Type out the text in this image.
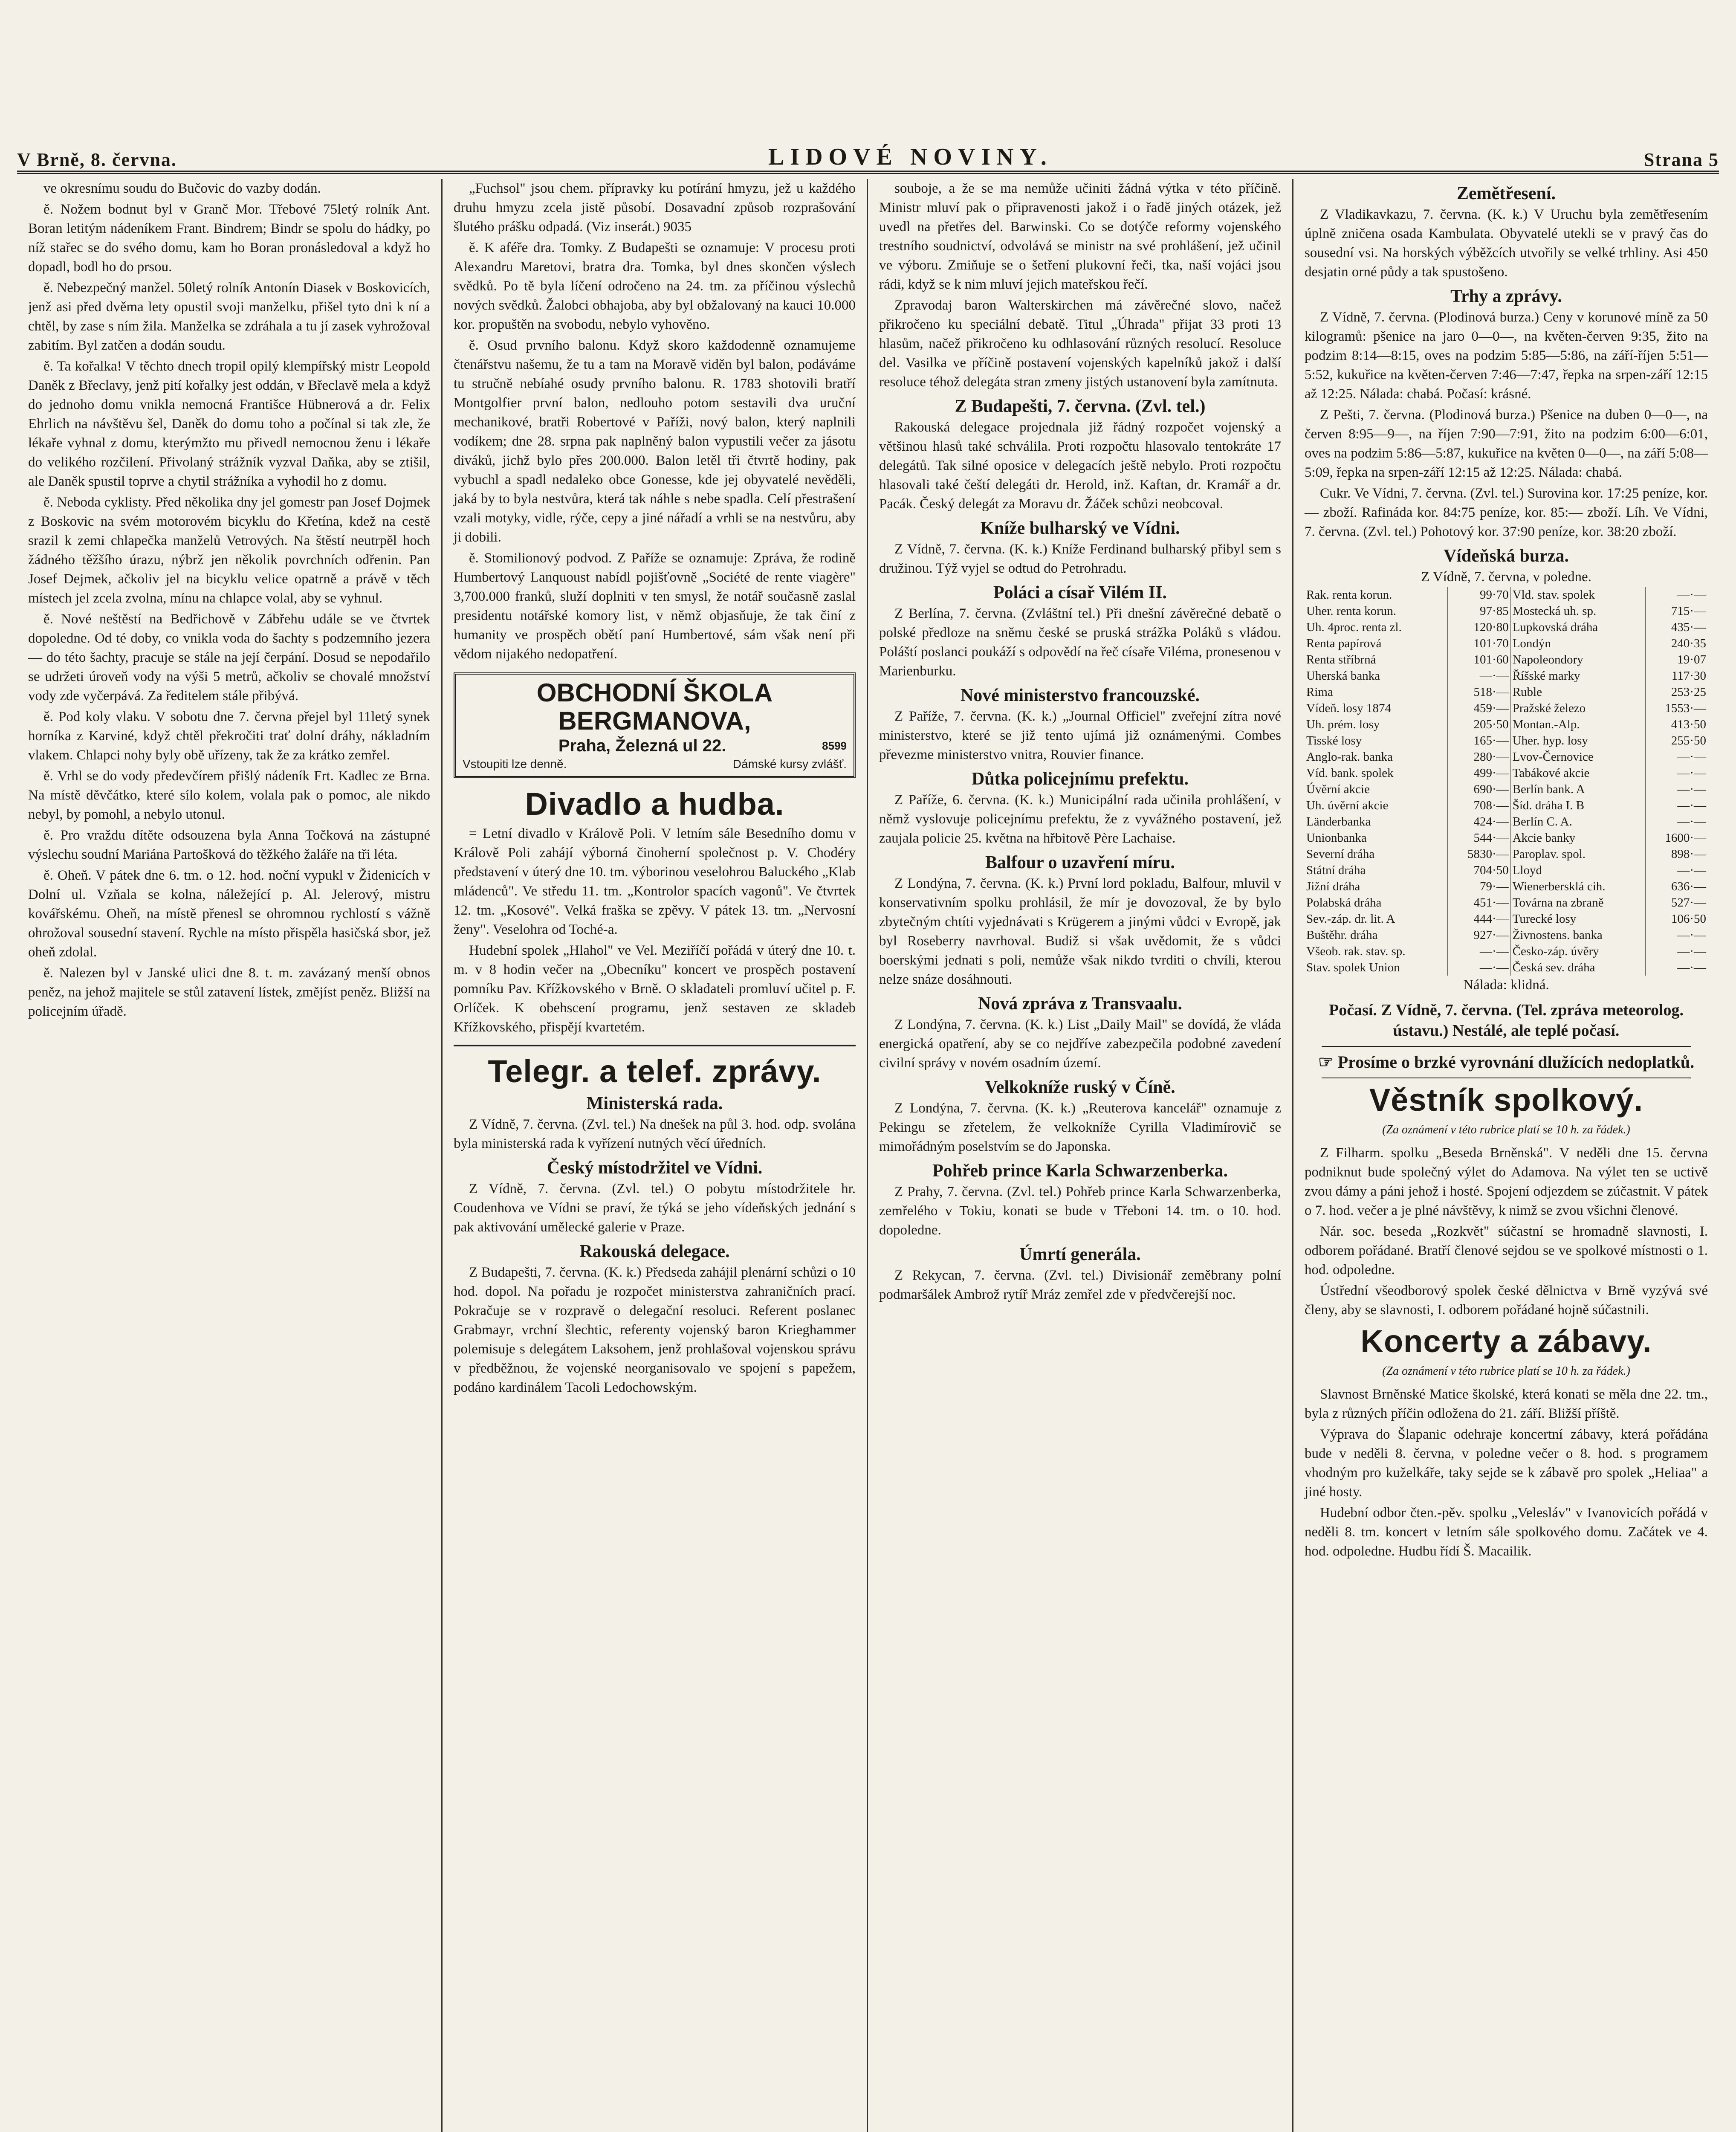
V Brně, 8. června.	LIDOVÉ NOVINY.	Strana 5

ve okresnímu soudu do Bučovic do vazby dodán.

ě. Nožem bodnut byl v Granč Mor. Třebové 75letý rolník Ant. Boran letitým nádeníkem Frant. Bindrem; Bindr se spolu do hádky, po níž stařec se do svého domu, kam ho Boran pronásledoval a když ho dopadl, bodl ho do prsou.

ě. Nebezpečný manžel. 50letý rolník Antonín Diasek v Boskovicích, jenž asi před dvěma lety opustil svoji manželku, přišel tyto dni k ní a chtěl, by zase s ním žila. Manželka se zdráhala a tu jí zasek vyhrožoval zabitím. Byl zatčen a dodán soudu.

ě. Ta kořalka! V těchto dnech tropil opilý klempířský mistr Leopold Daněk z Břeclavy, jenž pití kořalky jest oddán, v Břeclavě mela a když do jednoho domu vnikla nemocná Františce Hübnerová a dr. Felix Ehrlich na návštěvu šel, Daněk do domu toho a počínal si tak zle, že lékaře vyhnal z domu, kterýmžto mu přivedl nemocnou ženu i lékaře do velikého rozčilení. Přivolaný strážník vyzval Daňka, aby se ztišil, ale Daněk spustil toprve a chytil strážníka a vyhodil ho z domu.

ě. Neboda cyklisty. Před několika dny jel gomestr pan Josef Dojmek z Boskovic na svém motorovém bicyklu do Křetína, kdež na cestě srazil k zemi chlapečka manželů Vetrových. Na štěstí neutrpěl hoch žádného těžšího úrazu, nýbrž jen několik povrchních odřenin. Pan Josef Dejmek, ačkoliv jel na bicyklu velice opatrně a právě v těch místech jel zcela zvolna, mínu na chlapce volal, aby se vyhnul.

ě. Nové neštěstí na Bedřichově v Zábřehu udále se ve čtvrtek dopoledne. Od té doby, co vnikla voda do šachty s podzemního jezera — do této šachty, pracuje se stále na její čerpání. Dosud se nepodařilo se udržeti úroveň vody na výši 5 metrů, ačkoliv se chovalé množství vody zde vyčerpává. Za ředitelem stále přibývá.

ě. Pod koly vlaku. V sobotu dne 7. června přejel byl 11letý synek horníka z Karviné, když chtěl překročiti trať dolní dráhy, nákladním vlakem. Chlapci nohy byly obě uřízeny, tak že za krátko zemřel.

ě. Vrhl se do vody předevčírem přišlý nádeník Frt. Kadlec ze Brna. Na místě děvčátko, které sílo kolem, volala pak o pomoc, ale nikdo nebyl, by pomohl, a nebylo utonul.

ě. Pro vraždu dítěte odsouzena byla Anna Točková na zástupné výslechu soudní Mariána Partošková do těžkého žaláře na tři léta.

ě. Oheň. V pátek dne 6. tm. o 12. hod. noční vypukl v Židenicích v Dolní ul. Vzňala se kolna, náležející p. Al. Jelerový, mistru kovářskému. Oheň, na místě přenesl se ohromnou rychlostí s vážně ohrožoval sousední stavení. Rychle na místo přispěla hasičská sbor, jež oheň zdolal.

ě. Nalezen byl v Janské ulici dne 8. t. m. zavázaný menší obnos peněz, na jehož majitele se stůl zatavení lístek, změjíst peněz. Bližší na policejním úřadě.

„Fuchsol" jsou chem. přípravky ku potírání hmyzu, jež u každého druhu hmyzu zcela jistě působí. Dosavadní způsob rozprašování šlutého prášku odpadá. (Viz inserát.) 9035

ě. K aféře dra. Tomky. Z Budapešti se oznamuje: V procesu proti Alexandru Maretovi, bratra dra. Tomka, byl dnes skončen výslech svědků. Po tě byla líčení odročeno na 24. tm. za příčinou výslechů nových svědků. Žalobci obhajoba, aby byl obžalovaný na kauci 10.000 kor. propuštěn na svobodu, nebylo vyhověno.

ě. Osud prvního balonu. Když skoro každodenně oznamujeme čtenářstvu našemu, že tu a tam na Moravě viděn byl balon, podáváme tu stručně nebíahé osudy prvního balonu. R. 1783 shotovili bratří Montgolfier první balon, nedlouho potom sestavili dva uruční mechanikové, bratři Robertové v Paříži, nový balon, který naplnili vodíkem; dne 28. srpna pak naplněný balon vypustili večer za jásotu diváků, jichž bylo přes 200.000. Balon letěl tři čtvrtě hodiny, pak vybuchl a spadl nedaleko obce Gonesse, kde jej obyvatelé nevěděli, jaká by to byla nestvůra, která tak náhle s nebe spadla. Celí přestrašení vzali motyky, vidle, rýče, cepy a jiné nářadí a vrhli se na nestvůru, aby ji dobili.

ě. Stomilionový podvod. Z Paříže se oznamuje: Zpráva, že rodině Humbertový Lanquoust nabídl pojišťovně „Société de rente viagère" 3,700.000 franků, služí doplniti v ten smysl, že notář současně zaslal presidentu notářské komory list, v němž objasňuje, že tak činí z humanity ve prospěch obětí paní Humbertové, sám však není při vědom nijakého nedopatření.

OBCHODNÍ ŠKOLA BERGMANOVA,
Praha, Železná ul 22.	8599
Vstoupiti lze denně.	Dámské kursy zvlášť.
Divadlo a hudba.

= Letní divadlo v Králově Poli. V letním sále Besedního domu v Králově Poli zahájí výborná činoherní společnost p. V. Chodéry představení v úterý dne 10. tm. výborinou veselohrou Baluckého „Klab mládenců". Ve středu 11. tm. „Kontrolor spacích vagonů". Ve čtvrtek 12. tm. „Kosové". Velká fraška se zpěvy. V pátek 13. tm. „Nervosní ženy". Veselohra od Toché-a.

Hudební spolek „Hlahol" ve Vel. Meziříčí pořádá v úterý dne 10. t. m. v 8 hodin večer na „Obecníku" koncert ve prospěch postavení pomníku Pav. Křížkovského v Brně. O skladateli promluví učitel p. F. Orlíček. K obehscení programu, jenž sestaven ze skladeb Křížkovského, přispějí kvartetém.

Telegr. a telef. zprávy.
Ministerská rada.

Z Vídně, 7. června. (Zvl. tel.) Na dnešek na půl 3. hod. odp. svolána byla ministerská rada k vyřízení nutných věcí úředních.

Český místodržitel ve Vídni.

Z Vídně, 7. června. (Zvl. tel.) O pobytu místodržitele hr. Coudenhova ve Vídni se praví, že týká se jeho vídeňských jednání s pak aktivování umělecké galerie v Praze.

Rakouská delegace.

Z Budapešti, 7. června. (K. k.) Předseda zahájil plenární schůzi o 10 hod. dopol. Na pořadu je rozpočet ministerstva zahraničních prací. Pokračuje se v rozpravě o delegační resoluci. Referent poslanec Grabmayr, vrchní šlechtic, referenty vojenský baron Krieghammer polemisuje s delegátem Laksohem, jenž prohlašoval vojenskou správu v předběžnou, že vojenské neorganisovalo ve spojení s papežem, podáno kardinálem Tacoli Ledochowským.

souboje, a že se ma nemůže učiniti žádná výtka v této příčině. Ministr mluví pak o připravenosti jakož i o řadě jiných otázek, jež uvedl na přetřes del. Barwinski. Co se dotýče reformy vojenského trestního soudnictví, odvolává se ministr na své prohlášení, jež učinil ve výboru. Zmiňuje se o šetření plukovní řeči, tka, naší vojáci jsou rádi, když se k nim mluví jejich mateřskou řečí.

Zpravodaj baron Walterskirchen má závěrečné slovo, načež přikročeno ku speciální debatě. Titul „Úhrada" přijat 33 proti 13 hlasům, načež přikročeno ku odhlasování různých resolucí. Resoluce del. Vasilka ve příčině postavení vojenských kapelníků jakož i další resoluce téhož delegáta stran zmeny jistých ustanovení byla zamítnuta.

Z Budapešti, 7. června. (Zvl. tel.)

Rakouská delegace projednala již řádný rozpočet vojenský a většinou hlasů také schválila. Proti rozpočtu hlasovalo tentokráte 17 delegátů. Tak silné oposice v delegacích ještě nebylo. Proti rozpočtu hlasovali také čeští delegáti dr. Herold, inž. Kaftan, dr. Kramář a dr. Pacák. Český delegát za Moravu dr. Žáček schůzi neobcoval.

Kníže bulharský ve Vídni.

Z Vídně, 7. června. (K. k.) Kníže Ferdinand bulharský přibyl sem s družinou. Týž vyjel se odtud do Petrohradu.

Poláci a císař Vilém II.

Z Berlína, 7. června. (Zvláštní tel.) Při dnešní závěrečné debatě o polské předloze na sněmu české se pruská strážka Poláků s vládou. Poláští poslanci poukáží s odpovědí na řeč císaře Viléma, pronesenou v Marienburku.

Nové ministerstvo francouzské.

Z Paříže, 7. června. (K. k.) „Journal Officiel" zveřejní zítra nové ministerstvo, které se již tento ujímá již oznámenými. Combes převezme ministerstvo vnitra, Rouvier finance.

Důtka policejnímu prefektu.

Z Paříže, 6. června. (K. k.) Municipální rada učinila prohlášení, v němž vyslovuje policejnímu prefektu, že z vyvážného postavení, jež zaujala policie 25. května na hřbitově Père Lachaise.

Balfour o uzavření míru.

Z Londýna, 7. června. (K. k.) První lord pokladu, Balfour, mluvil v konservativním spolku prohlásil, že mír je dovozoval, že by bylo zbytečným chtíti vyjednávati s Krügerem a jinými vůdci v Evropě, jak byl Roseberry navrhoval. Budiž si však uvědomit, že s vůdci boerskými jednati s poli, nemůže však nikdo tvrditi o chvíli, kterou nelze snáze dosáhnouti.

Nová zpráva z Transvaalu.

Z Londýna, 7. června. (K. k.) List „Daily Mail" se dovídá, že vláda energická opatření, aby se co nejdříve zabezpečila podobné zavedení civilní správy v novém osadním území.

Velkokníže ruský v Číně.

Z Londýna, 7. června. (K. k.) „Reuterova kancelář" oznamuje z Pekingu se zřetelem, že velkokníže Cyrilla Vladimírovič se mimořádným poselstvím se do Japonska.

Pohřeb prince Karla Schwarzenberka.

Z Prahy, 7. června. (Zvl. tel.) Pohřeb prince Karla Schwarzenberka, zemřelého v Tokiu, konati se bude v Třeboni 14. tm. o 10. hod. dopoledne.

Úmrtí generála.

Z Rekycan, 7. června. (Zvl. tel.) Divisionář zeměbrany polní podmaršálek Ambrož rytíř Mráz zemřel zde v předvčerejší noc.

Zemětřesení.

Z Vladikavkazu, 7. června. (K. k.) V Uruchu byla zemětřesením úplně zničena osada Kambulata. Obyvatelé utekli se v pravý čas do sousední vsi. Na horských výběžcích utvořily se velké trhliny. Asi 450 desjatin orné půdy a tak spustošeno.

Trhy a zprávy.

Z Vídně, 7. června. (Plodinová burza.) Ceny v korunové míně za 50 kilogramů: pšenice na jaro 0—0—, na květen-červen 9:35, žito na podzim 8:14—8:15, oves na podzim 5:85—5:86, na září-říjen 5:51—5:52, kukuřice na květen-červen 7:46—7:47, řepka na srpen-září 12:15 až 12:25. Nálada: chabá. Počasí: krásné.

Z Pešti, 7. června. (Plodinová burza.) Pšenice na duben 0—0—, na červen 8:95—9—, na říjen 7:90—7:91, žito na podzim 6:00—6:01, oves na podzim 5:86—5:87, kukuřice na květen 0—0—, na září 5:08—5:09, řepka na srpen-září 12:15 až 12:25. Nálada: chabá.

Cukr. Ve Vídni, 7. června. (Zvl. tel.) Surovina kor. 17:25 peníze, kor. — zboží. Rafináda kor. 84:75 peníze, kor. 85:— zboží. Líh. Ve Vídni, 7. června. (Zvl. tel.) Pohotový kor. 37:90 peníze, kor. 38:20 zboží.

Vídeňská burza.
Z Vídně, 7. června, v poledne.
Rak. renta korun.	99·70	Vld. stav. spolek	—·—
Uher. renta korun.	97·85	Mostecká uh. sp.	715·—
Uh. 4proc. renta zl.	120·80	Lupkovská dráha	435·—
Renta papírová	101·70	Londýn	240·35
Renta stříbrná	101·60	Napoleondory	19·07
Uherská banka	—·—	Říšské marky	117·30
Rima	518·—	Ruble	253·25
Vídeň. losy 1874	459·—	Pražské železo	1553·—
Uh. prém. losy	205·50	Montan.-Alp.	413·50
Tisské losy	165·—	Uher. hyp. losy	255·50
Anglo-rak. banka	280·—	Lvov-Černovice	—·—
Víd. bank. spolek	499·—	Tabákové akcie	—·—
Úvěrní akcie	690·—	Berlín bank. A	—·—
Uh. úvěrní akcie	708·—	Šíd. dráha I. B	—·—
Länderbanka	424·—	Berlín C. A.	—·—
Unionbanka	544·—	Akcie banky	1600·—
Severní dráha	5830·—	Paroplav. spol.	898·—
Státní dráha	704·50	Lloyd	—·—
Jižní dráha	79·—	Wienerbersklá cih.	636·—
Polabská dráha	451·—	Továrna na zbraně	527·—
Sev.-záp. dr. lit. A	444·—	Turecké losy	106·50
Buštěhr. dráha	927·—	Živnostens. banka	—·—
Všeob. rak. stav. sp.	—·—	Česko-záp. úvěry	—·—
Stav. spolek Union	—·—	Česká sev. dráha	—·—
Nálada: klidná.
Počasí. Z Vídně, 7. června. (Tel. zpráva meteorolog. ústavu.) Nestálé, ale teplé počasí.
☞ Prosíme o brzké vyrovnání dlužících nedoplatků.
Věstník spolkový.
(Za oznámení v této rubrice platí se 10 h. za řádek.)

Z Filharm. spolku „Beseda Brněnská". V neděli dne 15. června podniknut bude společný výlet do Adamova. Na výlet ten se uctivě zvou dámy a páni jehož i hosté. Spojení odjezdem se zúčastnit. V pátek o 7. hod. večer a je plné návštěvy, k nimž se zvou všichni členové.

Nár. soc. beseda „Rozkvět" súčastní se hromadně slavnosti, I. odborem pořádané. Bratří členové sejdou se ve spolkové místnosti o 1. hod. odpoledne.

Ústřední všeodborový spolek české dělnictva v Brně vyzývá své členy, aby se slavnosti, I. odborem pořádané hojně súčastnili.

Koncerty a zábavy.
(Za oznámení v této rubrice platí se 10 h. za řádek.)

Slavnost Brněnské Matice školské, která konati se měla dne 22. tm., byla z různých příčin odložena do 21. září. Bližší příště.

Výprava do Šlapanic odehraje koncertní zábavy, která pořádána bude v neděli 8. června, v poledne večer o 8. hod. s programem vhodným pro kuželkáře, taky sejde se k zábavě pro spolek „Heliaa" a jiné hosty.

Hudební odbor čten.-pěv. spolku „Velesláv" v Ivanovicích pořádá v neděli 8. tm. koncert v letním sále spolkového domu. Začátek ve 4. hod. odpoledne. Hudbu řídí Š. Macailik.
